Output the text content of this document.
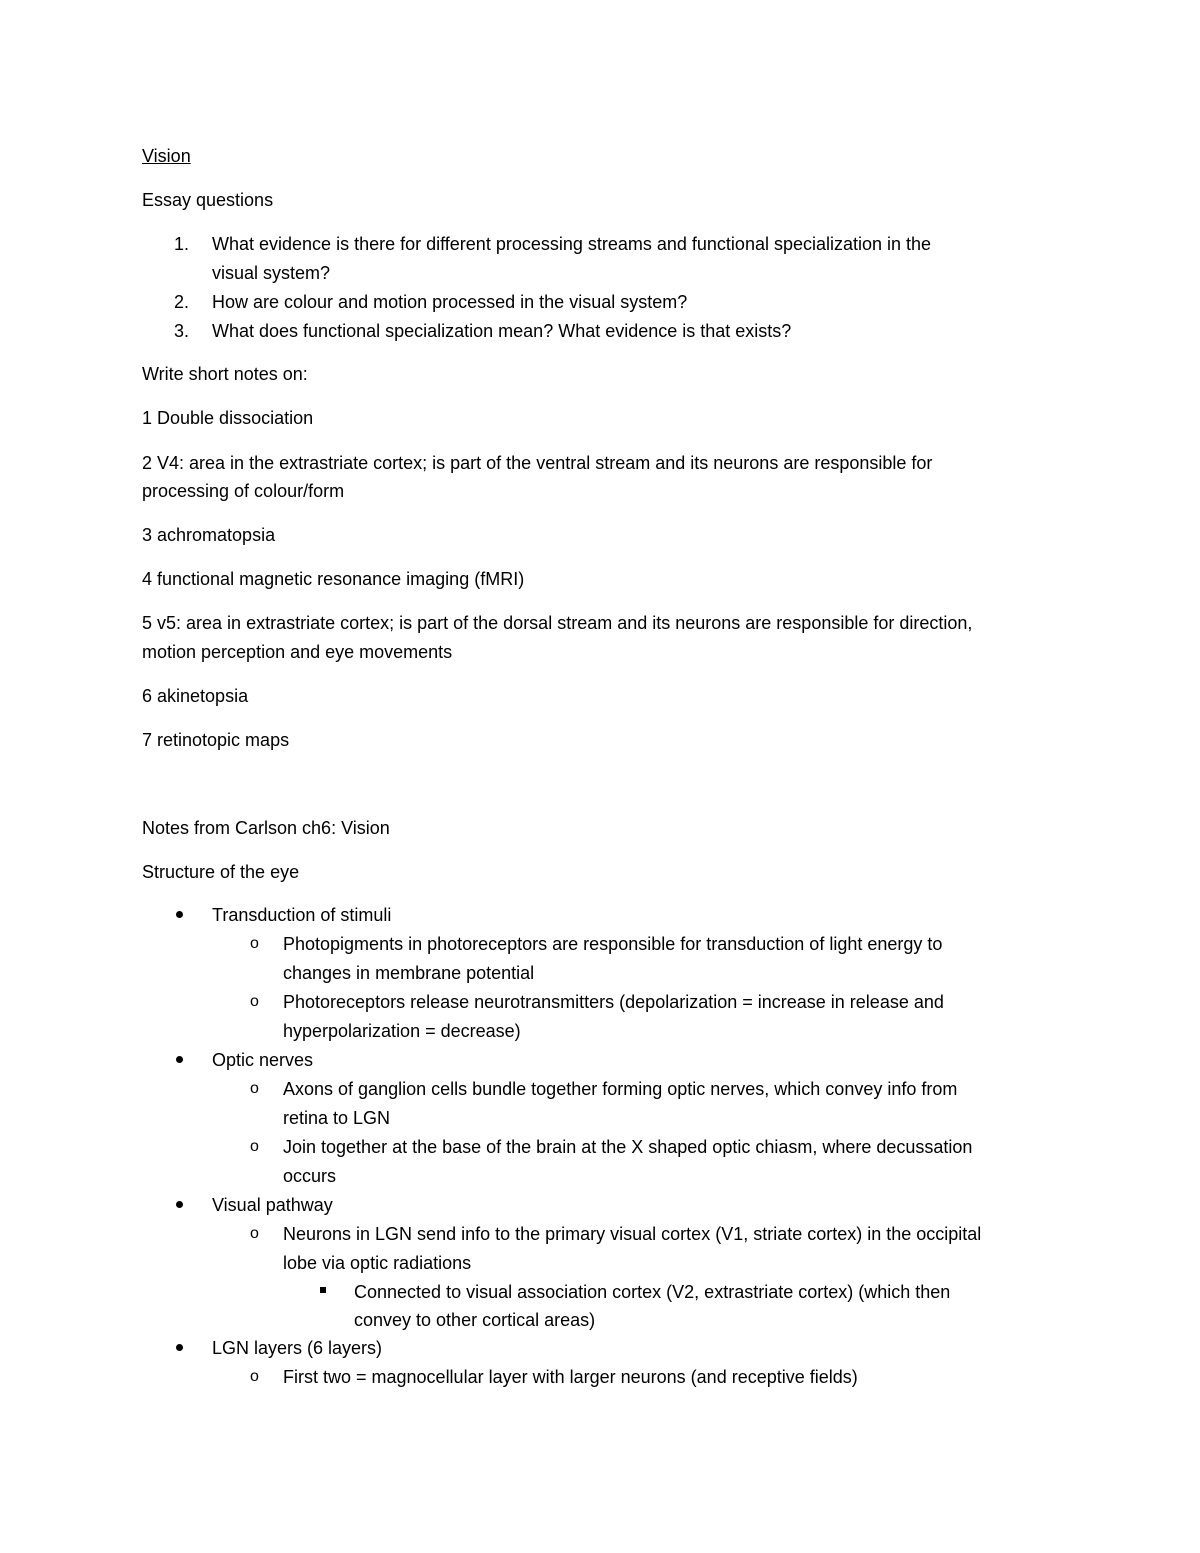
Vision
Essay questions
1. What evidence is there for different processing streams and functional specialization in the
visual system?
2. How are colour and motion processed in the visual system?
3. What does functional specialization mean? What evidence is that exists?
Write short notes on:
1 Double dissociation
2 V4: area in the extrastriate cortex; is part of the ventral stream and its neurons are responsible for
processing of colour/form
3 achromatopsia
4 functional magnetic resonance imaging (fMRI)
5 v5: area in extrastriate cortex; is part of the dorsal stream and its neurons are responsible for direction,
motion perception and eye movements
6 akinetopsia
7 retinotopic maps
Notes from Carlson ch6: Vision
Structure of the eye
Transduction of stimuli
o Photopigments in photoreceptors are responsible for transduction of light energy to
changes in membrane potential
o Photoreceptors release neurotransmitters (depolarization = increase in release and
hyperpolarization = decrease)
Optic nerves
o Axons of ganglion cells bundle together forming optic nerves, which convey info from
retina to LGN
o Join together at the base of the brain at the X shaped optic chiasm, where decussation
occurs
Visual pathway
o Neurons in LGN send info to the primary visual cortex (V1, striate cortex) in the occipital
lobe via optic radiations
Connected to visual association cortex (V2, extrastriate cortex) (which then
convey to other cortical areas)
LGN layers (6 layers)
o First two = magnocellular layer with larger neurons (and receptive fields)
